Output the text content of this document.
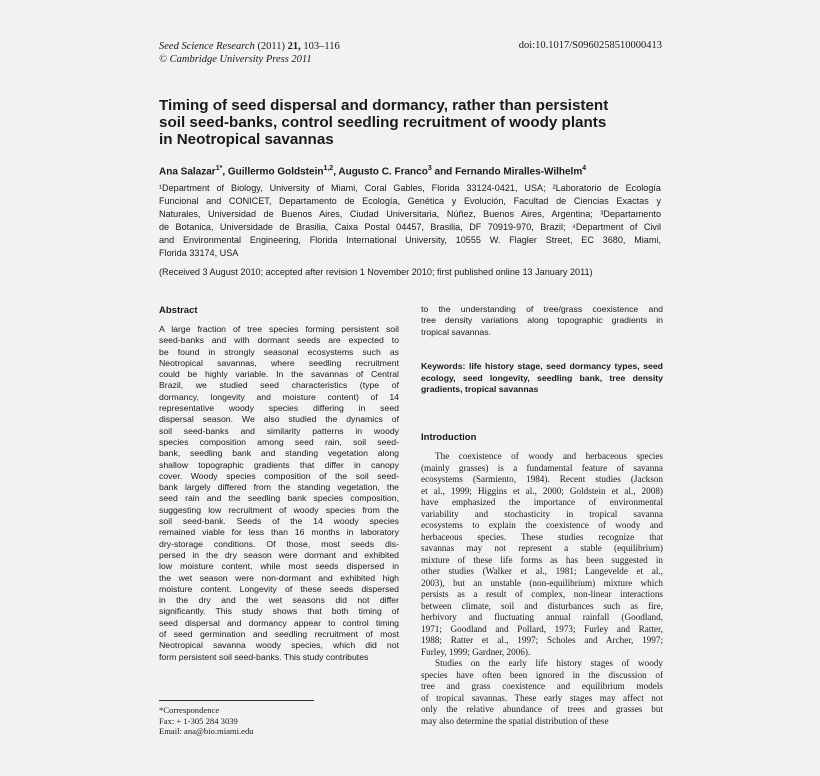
Seed Science Research (2011) 21, 103–116
© Cambridge University Press 2011
doi:10.1017/S0960258510000413
Timing of seed dispersal and dormancy, rather than persistent
soil seed-banks, control seedling recruitment of woody plants
in Neotropical savannas
Ana Salazar$^{1*}$, Guillermo Goldstein$^{1,2}$, Augusto C. Franco$^3$ and Fernando Miralles-Wilhelm$^4$
¹Department of Biology, University of Miami, Coral Gables, Florida 33124-0421, USA; ²Laboratorio de Ecología
Funcional and CONICET, Departamento de Ecología, Genética y Evolución, Facultad de Ciencias Exactas y
Naturales, Universidad de Buenos Aires, Ciudad Universitaria, Núñez, Buenos Aires, Argentina; ³Departamento
de Botanica, Universidade de Brasilia, Caixa Postal 04457, Brasilia, DF 70919-970, Brazil; ⁴Department of Civil
and Environmental Engineering, Florida International University, 10555 W. Flagler Street, EC 3680, Miami,
Florida 33174, USA
(Received 3 August 2010; accepted after revision 1 November 2010; first published online 13 January 2011)
Abstract
A large fraction of tree species forming persistent soil
seed-banks and with dormant seeds are expected to
be found in strongly seasonal ecosystems such as
Neotropical savannas, where seedling recruitment
could be highly variable. In the savannas of Central
Brazil, we studied seed characteristics (type of
dormancy, longevity and moisture content) of 14
representative woody species differing in seed
dispersal season. We also studied the dynamics of
soil seed-banks and similarity patterns in woody
species composition among seed rain, soil seed-
bank, seedling bank and standing vegetation along
shallow topographic gradients that differ in canopy
cover. Woody species composition of the soil seed-
bank largely differed from the standing vegetation, the
seed rain and the seedling bank species composition,
suggesting low recruitment of woody species from the
soil seed-bank. Seeds of the 14 woody species
remained viable for less than 16 months in laboratory
dry-storage conditions. Of those, most seeds dis-
persed in the dry season were dormant and exhibited
low moisture content, while most seeds dispersed in
the wet season were non-dormant and exhibited high
moisture content. Longevity of these seeds dispersed
in the dry and the wet seasons did not differ
significantly. This study shows that both timing of
seed dispersal and dormancy appear to control timing
of seed germination and seedling recruitment of most
Neotropical savanna woody species, which did not
form persistent soil seed-banks. This study contributes
to the understanding of tree/grass coexistence and
tree density variations along topographic gradients in
tropical savannas.
Keywords: life history stage, seed dormancy types, seed
ecology, seed longevity, seedling bank, tree density
gradients, tropical savannas
Introduction
The coexistence of woody and herbaceous species
(mainly grasses) is a fundamental feature of savanna
ecosystems (Sarmiento, 1984). Recent studies (Jackson
et al., 1999; Higgins et al., 2000; Goldstein et al., 2008)
have emphasized the importance of environmental
variability and stochasticity in tropical savanna
ecosystems to explain the coexistence of woody and
herbaceous species. These studies recognize that
savannas may not represent a stable (equilibrium)
mixture of these life forms as has been suggested in
other studies (Walker et al., 1981; Langevelde et al.,
2003), but an unstable (non-equilibrium) mixture which
persists as a result of complex, non-linear interactions
between climate, soil and disturbances such as fire,
herbivory and fluctuating annual rainfall (Goodland,
1971; Goodland and Pollard, 1973; Furley and Ratter,
1988; Ratter et al., 1997; Scholes and Archer, 1997;
Furley, 1999; Gardner, 2006).
Studies on the early life history stages of woody
species have often been ignored in the discussion of
tree and grass coexistence and equilibrium models
of tropical savannas. These early stages may affect not
only the relative abundance of trees and grasses but
may also determine the spatial distribution of these
*Correspondence
Fax: + 1-305 284 3039
Email: ana@bio.miami.edu
